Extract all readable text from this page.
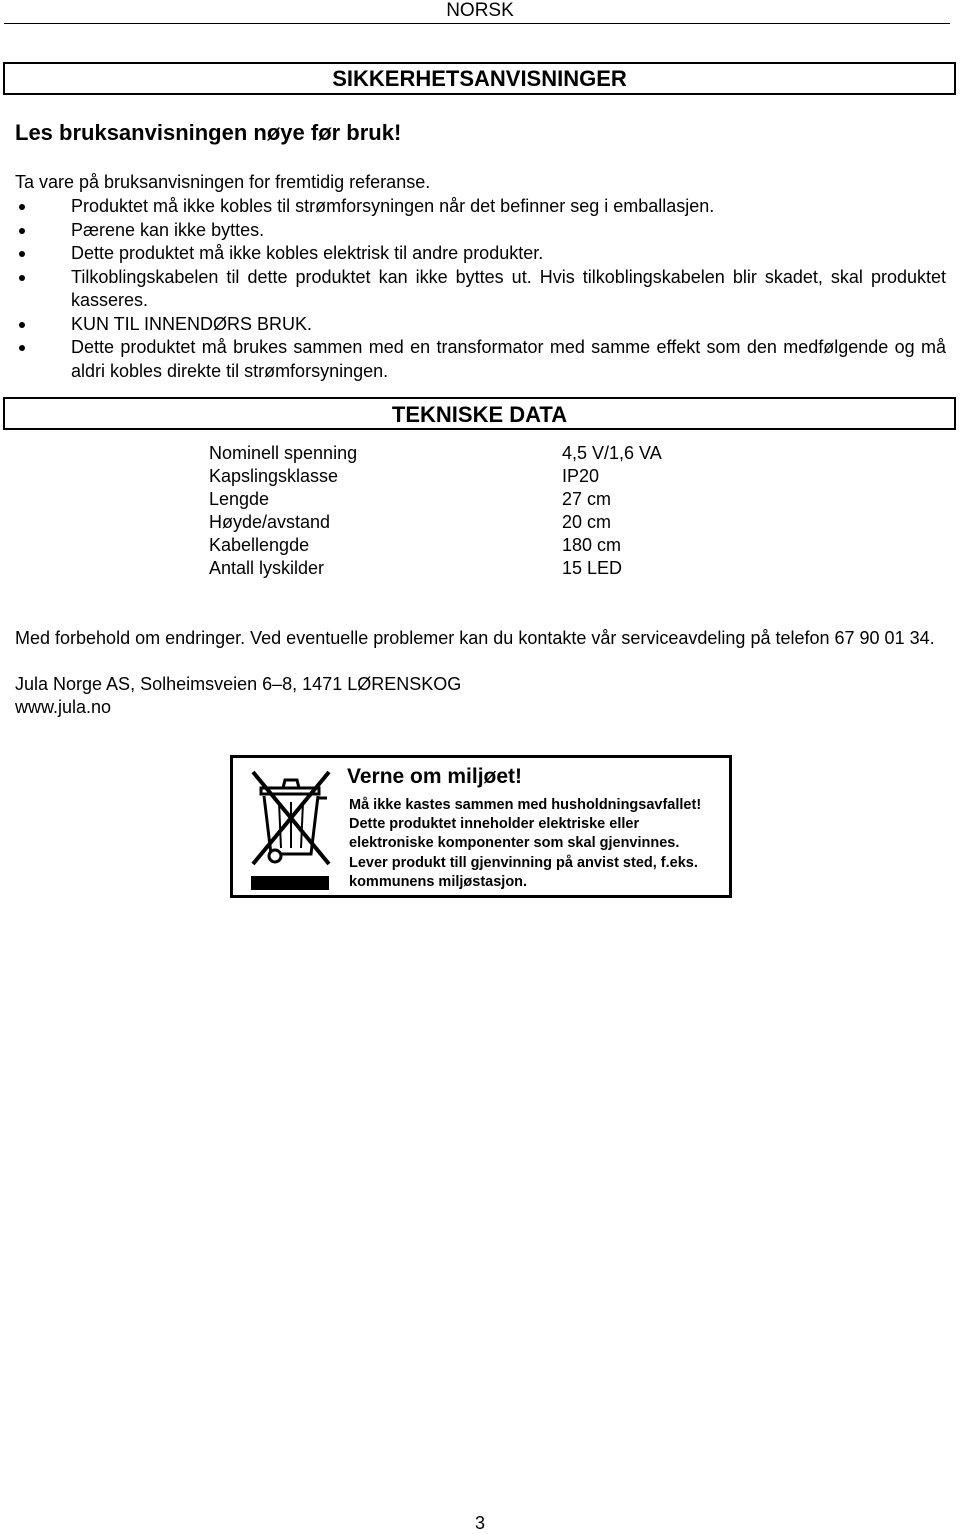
NORSK
SIKKERHETSANVISNINGER
Les bruksanvisningen nøye før bruk!
Ta vare på bruksanvisningen for fremtidig referanse.
Produktet må ikke kobles til strømforsyningen når det befinner seg i emballasjen.
Pærene kan ikke byttes.
Dette produktet må ikke kobles elektrisk til andre produkter.
Tilkoblingskabelen til dette produktet kan ikke byttes ut. Hvis tilkoblingskabelen blir skadet, skal produktet kasseres.
KUN TIL INNENDØRS BRUK.
Dette produktet må brukes sammen med en transformator med samme effekt som den medfølgende og må aldri kobles direkte til strømforsyningen.
TEKNISKE DATA
Nominell spenning	4,5 V/1,6 VA
Kapslingsklasse	IP20
Lengde	27 cm
Høyde/avstand	20 cm
Kabellengde	180 cm
Antall lyskilder	15 LED
Med forbehold om endringer. Ved eventuelle problemer kan du kontakte vår serviceavdeling på telefon 67 90 01 34.
Jula Norge AS, Solheimsveien 6–8, 1471 LØRENSKOG
www.jula.no
Verne om miljøet!
Må ikke kastes sammen med husholdningsavfallet!
Dette produktet inneholder elektriske eller
elektroniske komponenter som skal gjenvinnes.
Lever produkt till gjenvinning på anvist sted, f.eks.
kommunens miljøstasjon.
3
